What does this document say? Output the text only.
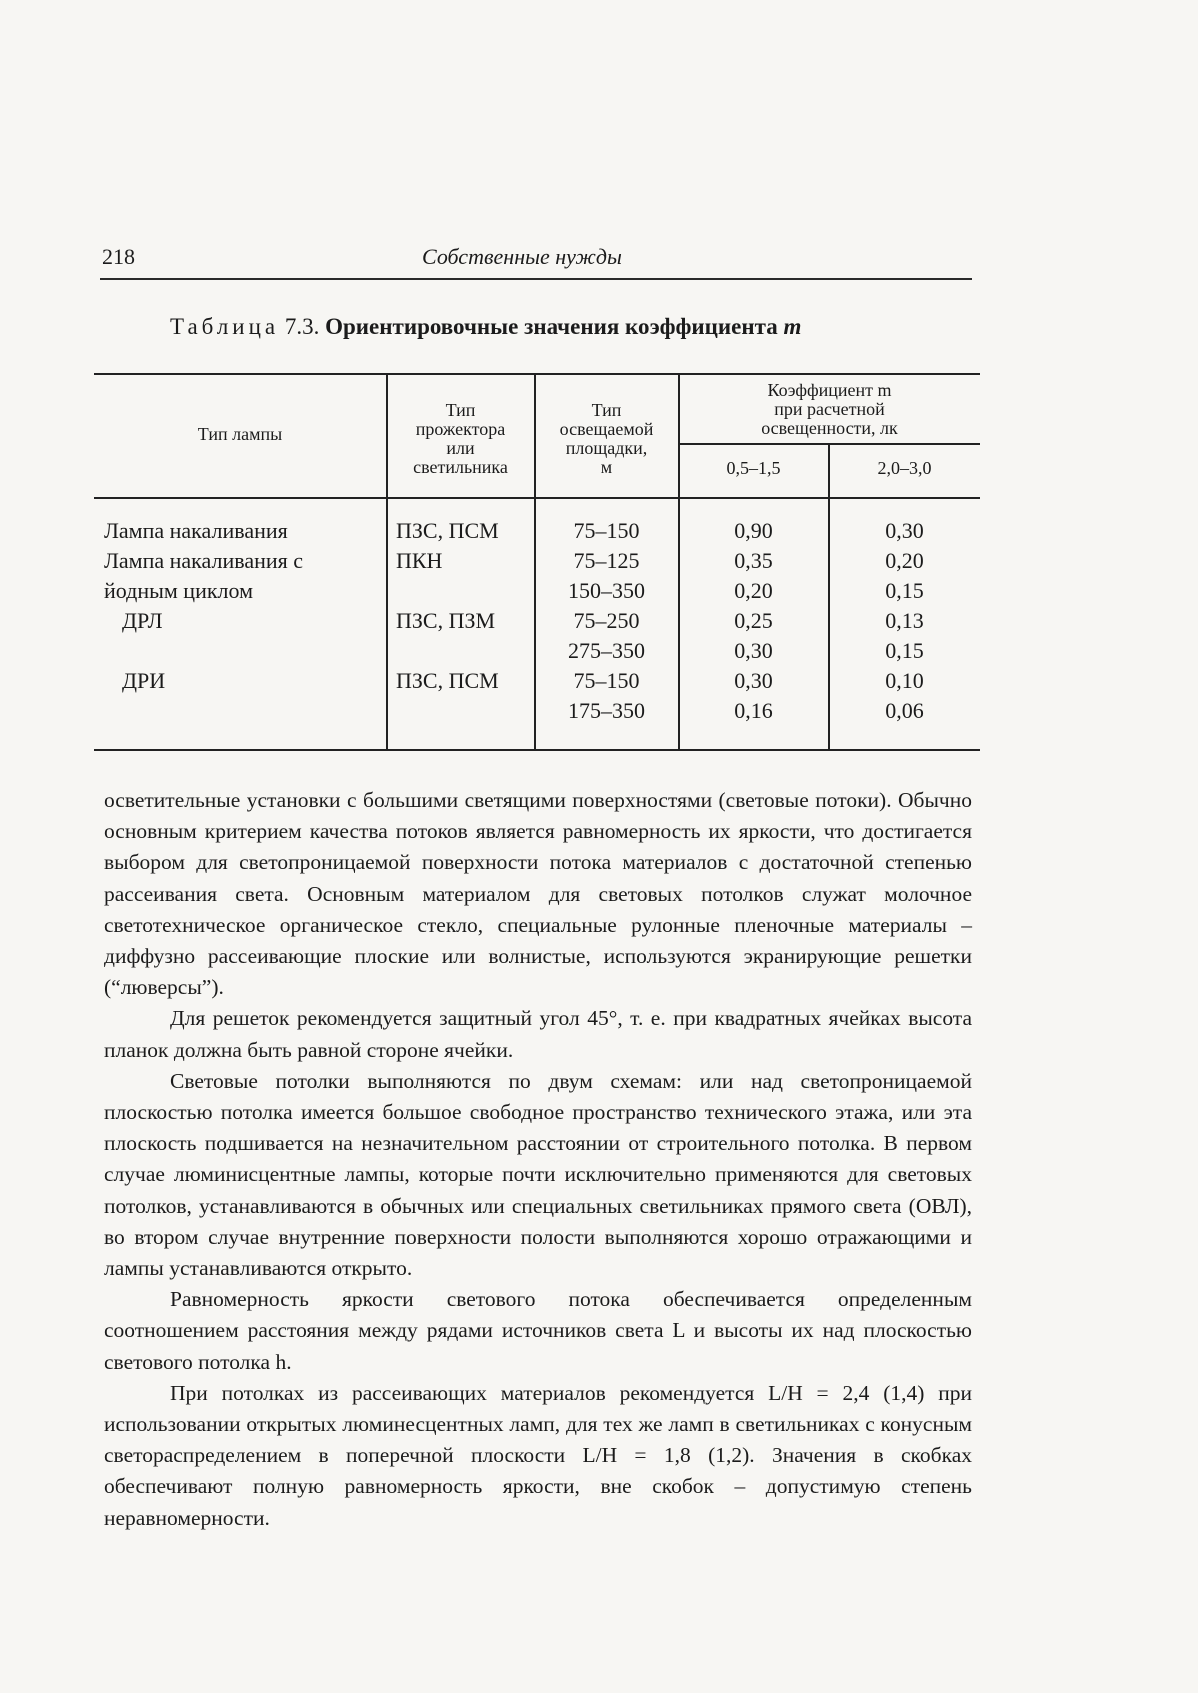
218	Собственные нужды
Таблица 7.3. Ориентировочные значения коэффициента m
Тип лампы
Тип
прожектора
или
светильника
Тип
освещаемой
площадки,
м
Коэффициент m
при расчетной
освещенности, лк
0,5–1,5	2,0–3,0
Лампа накаливания
Лампа накаливания с
йодным циклом
ДРЛ
ДРИ
ПЗС, ПСМ
ПКН
ПЗС, ПЗМ
ПЗС, ПСМ
75–150
75–125
150–350
75–250
275–350
75–150
175–350
0,90
0,35
0,20
0,25
0,30
0,30
0,16
0,30
0,20
0,15
0,13
0,15
0,10
0,06

осветительные установки с большими светящими поверхностями (световые потоки). Обычно основным критерием качества потоков является равномерность их яркости, что достигается выбором для светопроницаемой поверхности потока материалов с достаточной степенью рассеивания света. Основным материалом для световых потолков служат молочное светотехническое органическое стекло, специальные рулонные пленочные материалы –диффузно рассеивающие плоские или волнистые, используются экранирующие решетки (“люверсы”).

Для решеток рекомендуется защитный угол 45°, т. е. при квадратных ячейках высота планок должна быть равной стороне ячейки.

Световые потолки выполняются по двум схемам: или над светопроницаемой плоскостью потолка имеется большое свободное пространство технического этажа, или эта плоскость подшивается на незначительном расстоянии от строительного потолка. В первом случае люминисцентные лампы, которые почти исключительно применяются для световых потолков, устанавливаются в обычных или специальных светильниках прямого света (ОВЛ), во втором случае внутренние поверхности полости выполняются хорошо отражающими и лампы устанавливаются открыто.

Равномерность яркости светового потока обеспечивается определенным соотношением расстояния между рядами источников света L и высоты их над плоскостью светового потолка h.

При потолках из рассеивающих материалов рекомендуется L/H = 2,4 (1,4) при использовании открытых люминесцентных ламп, для тех же ламп в светильниках с конусным светораспределением в поперечной плоскости L/H = 1,8 (1,2). Значения в скобках обеспечивают полную равномерность яркости, вне скобок – допустимую степень неравномерности.
